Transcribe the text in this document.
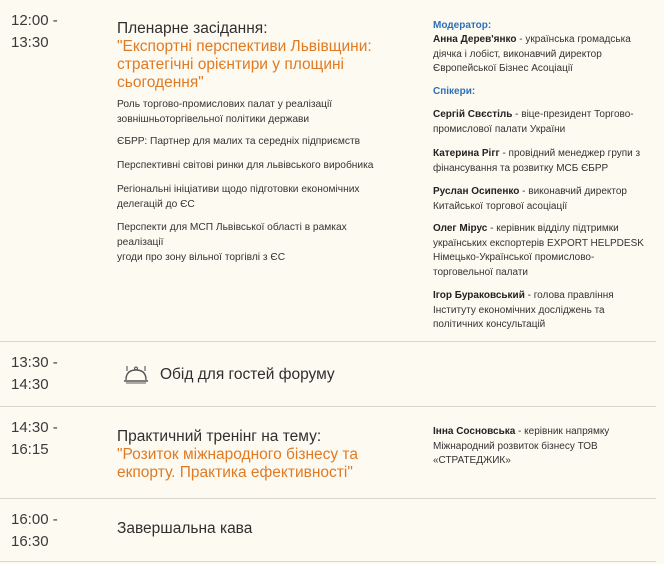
12:00 -
13:30
Пленарне засідання:
"Експортні перспективи Львівщини:
стратегічні орієнтири у площині
сьогодення"
Роль торгово-промислових палат у реалізації
зовнішньоторгівельної політики держави
ЄБРР: Партнер для малих та середніх підприємств
Перспективні світові ринки для львівського виробника
Регіональні ініціативи щодо підготовки економічних
делегацій до ЄС
Перспекти для МСП Львівської області в рамках реалізації
угоди про зону вільної торгівлі з ЄС
Модератор:
Анна Дерев'янко - українська громадська
діячка і лобіст, виконавчий директор
Європейської Бізнес Асоціації
Спікери:
Сергій Свєстіль - віце-президент Торгово-
промислової палати України
Катерина Рігг - провідний менеджер групи з
фінансування та розвитку МСБ ЄБРР
Руслан Осипенко - виконавчий директор
Китайської торгової асоціації
Олег Мірус - керівник відділу підтримки
українських експортерів EXPORT HELPDESK
Німецько-Української промислово-
торговельної палати
Ігор Бураковський - голова правління
Інституту економічних досліджень та
політичних консультацій
13:30 -
14:30
Обід для гостей форуму
14:30 -
16:15
Практичний тренінг на тему:
"Розиток міжнародного бізнесу та
екпорту. Практика ефективності"
Інна Сосновська - керівник напрямку
Міжнародний розвиток бізнесу ТОВ
«СТРАТЕДЖИК»
16:00 -
16:30
Завершальна кава
